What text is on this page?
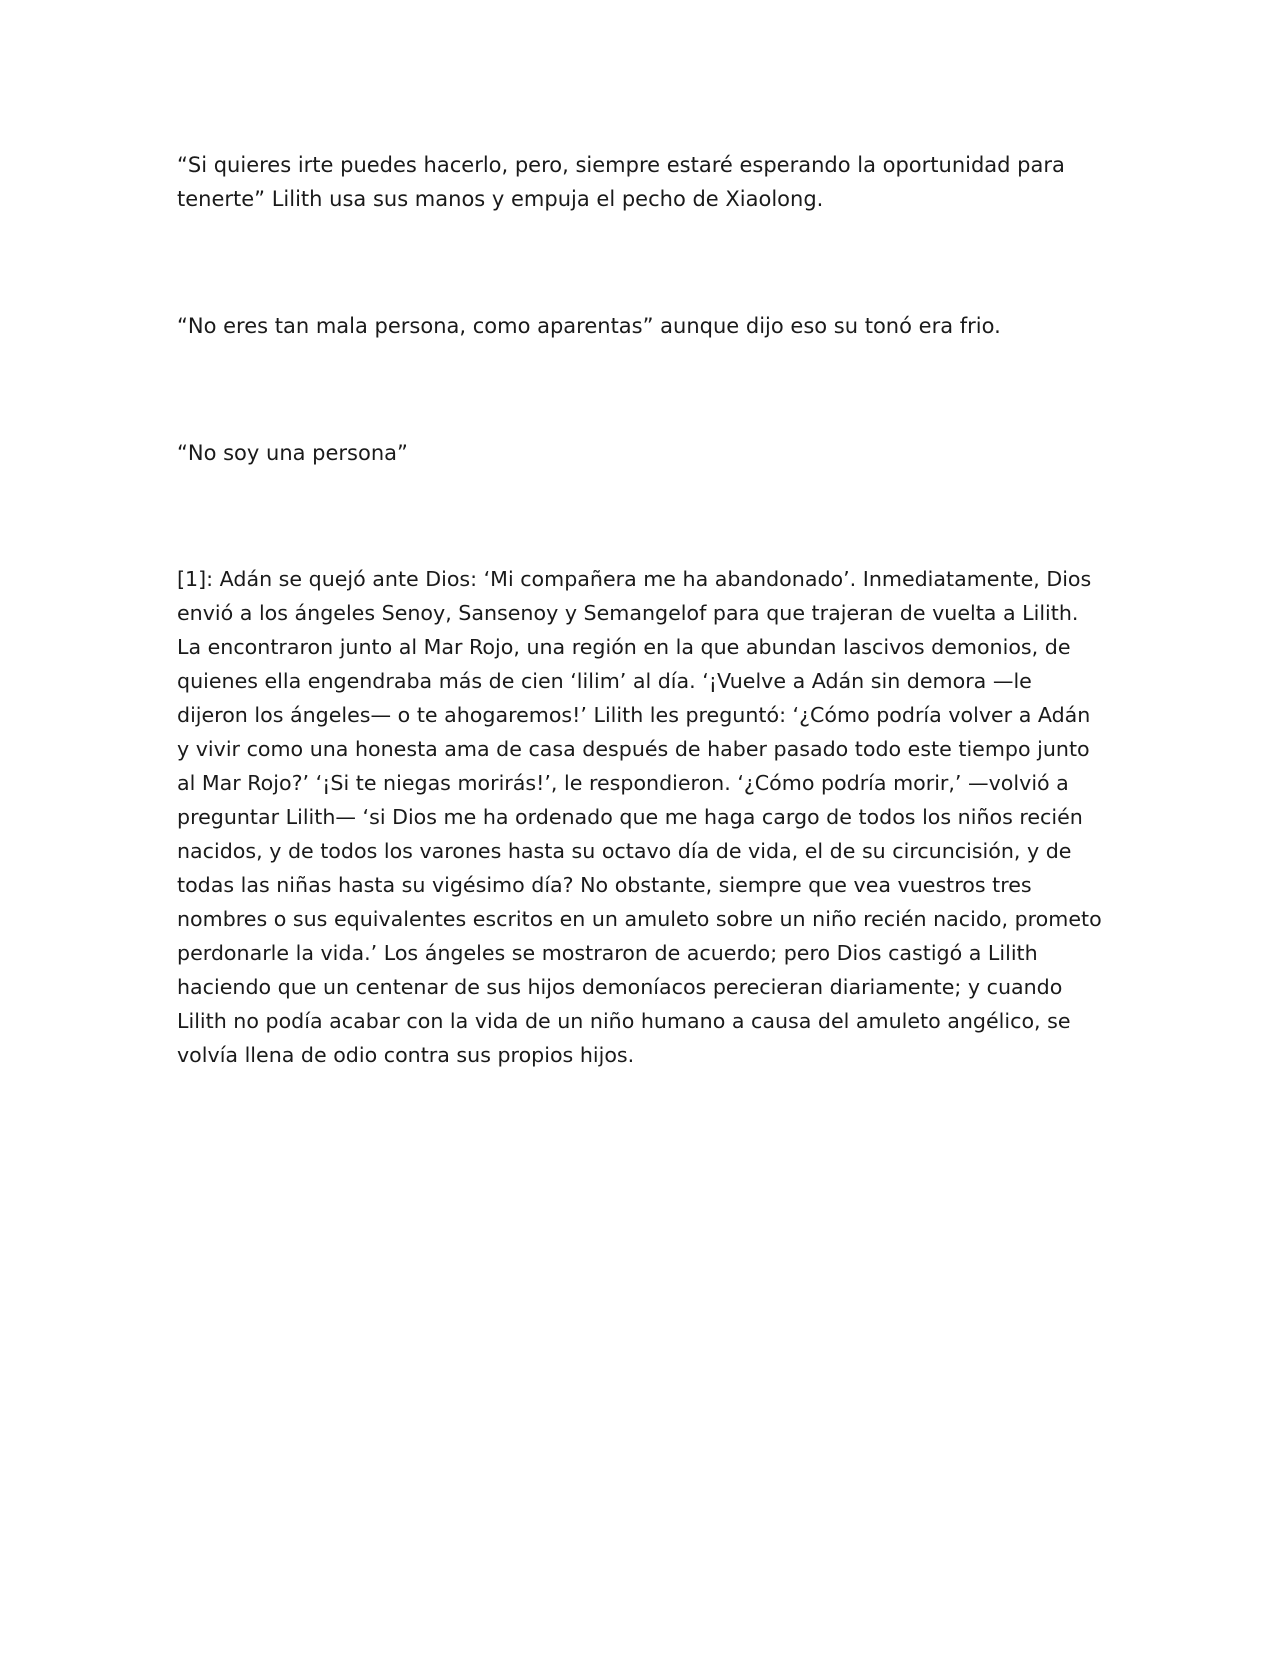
“Si quieres irte puedes hacerlo, pero, siempre estaré esperando la oportunidad para tenerte” Lilith usa sus manos y empuja el pecho de Xiaolong.

“No eres tan mala persona, como aparentas” aunque dijo eso su tonó era frio.

“No soy una persona”

[1]: Adán se quejó ante Dios: ‘Mi compañera me ha abandonado’. Inmediatamente, Dios envió a los ángeles Senoy, Sansenoy y Semangelof para que trajeran de vuelta a Lilith. La encontraron junto al Mar Rojo, una región en la que abundan lascivos demonios, de quienes ella engendraba más de cien ‘lilim’ al día. ‘¡Vuelve a Adán sin demora —le dijeron los ángeles— o te ahogaremos!’ Lilith les preguntó: ‘¿Cómo podría volver a Adán y vivir como una honesta ama de casa después de haber pasado todo este tiempo junto al Mar Rojo?’ ‘¡Si te niegas morirás!’, le respondieron. ‘¿Cómo podría morir,’ —volvió a preguntar Lilith— ‘si Dios me ha ordenado que me haga cargo de todos los niños recién nacidos, y de todos los varones hasta su octavo día de vida, el de su circuncisión, y de todas las niñas hasta su vigésimo día? No obstante, siempre que vea vuestros tres nombres o sus equivalentes escritos en un amuleto sobre un niño recién nacido, prometo perdonarle la vida.’ Los ángeles se mostraron de acuerdo; pero Dios castigó a Lilith haciendo que un centenar de sus hijos demoníacos perecieran diariamente; y cuando Lilith no podía acabar con la vida de un niño humano a causa del amuleto angélico, se volvía llena de odio contra sus propios hijos.
